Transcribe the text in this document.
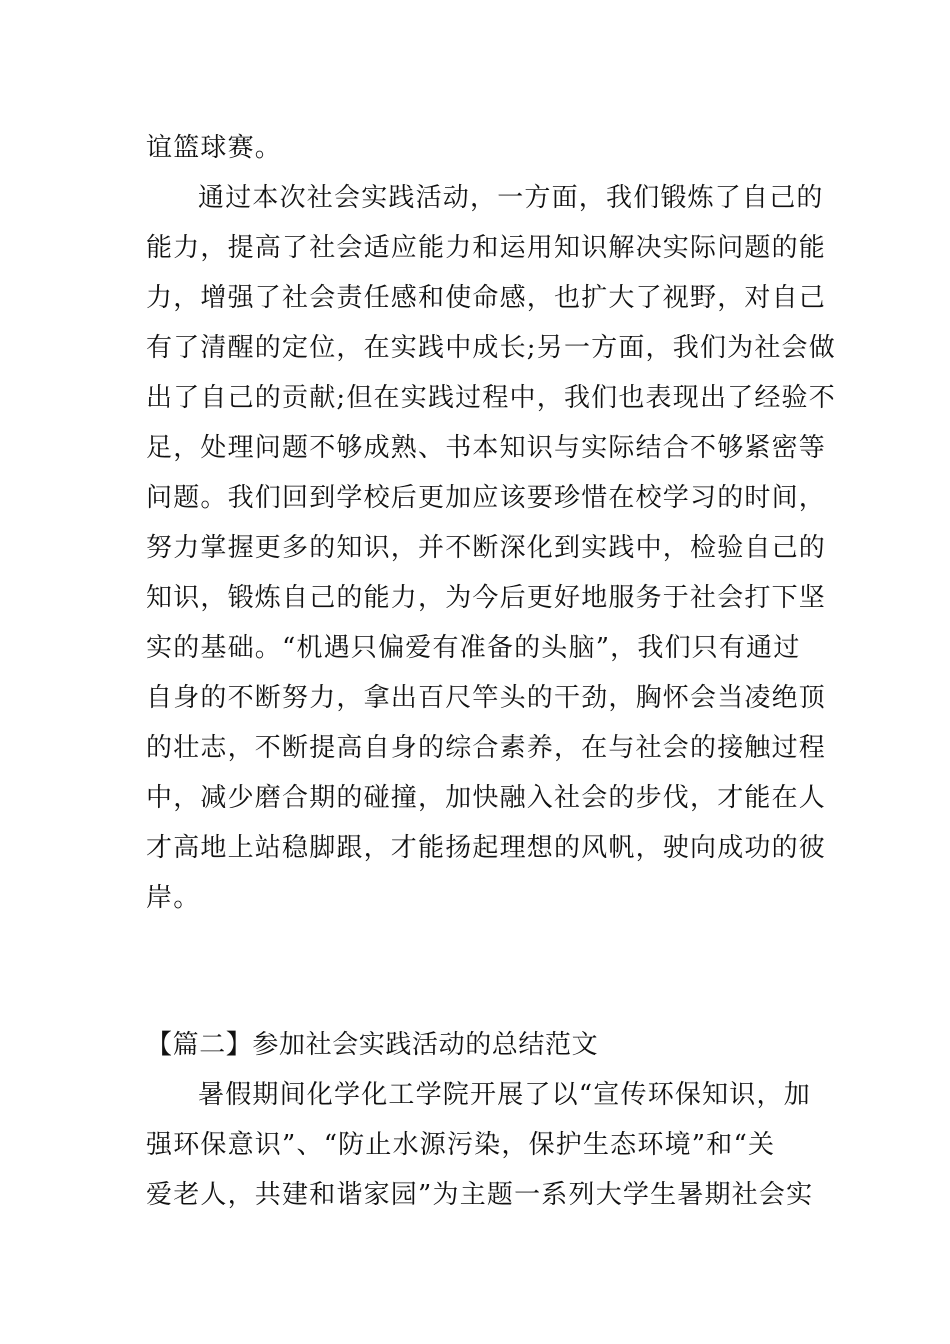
谊篮球赛。
通过本次社会实践活动，一方面，我们锻炼了自己的
能力，提高了社会适应能力和运用知识解决实际问题的能
力，增强了社会责任感和使命感，也扩大了视野，对自己
有了清醒的定位，在实践中成长;另一方面，我们为社会做
出了自己的贡献;但在实践过程中，我们也表现出了经验不
足，处理问题不够成熟、书本知识与实际结合不够紧密等
问题。我们回到学校后更加应该要珍惜在校学习的时间，
努力掌握更多的知识，并不断深化到实践中，检验自己的
知识，锻炼自己的能力，为今后更好地服务于社会打下坚
实的基础。“机遇只偏爱有准备的头脑”，我们只有通过
自身的不断努力，拿出百尺竿头的干劲，胸怀会当凌绝顶
的壮志，不断提高自身的综合素养，在与社会的接触过程
中，减少磨合期的碰撞，加快融入社会的步伐，才能在人
才高地上站稳脚跟，才能扬起理想的风帆，驶向成功的彼
岸。
【篇二】参加社会实践活动的总结范文
暑假期间化学化工学院开展了以“宣传环保知识，加
强环保意识”、“防止水源污染，保护生态环境”和“关
爱老人，共建和谐家园”为主题一系列大学生暑期社会实
